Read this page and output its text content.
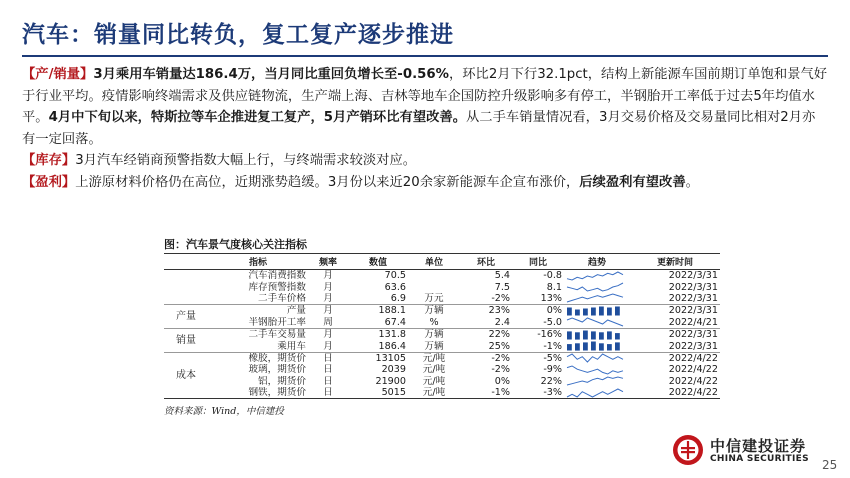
汽车：销量同比转负，复工复产逐步推进

【产/销量】3月乘用车销量达186.4万，当月同比重回负增长至-0.56%，环比2月下行32.1pct，结构上新能源车国前期订单饱和景气好于行业平均。疫情影响终端需求及供应链物流，生产端上海、吉林等地车企国防控升级影响多有停工，半钢胎开工率低于过去5年均值水平。4月中下旬以来，特斯拉等车企推进复工复产，5月产销环比有望改善。从二手车销量情况看，3月交易价格及交易量同比相对2月亦有一定回落。

【库存】3月汽车经销商预警指数大幅上行，与终端需求较淡对应。

【盈利】上游原材料价格仍在高位，近期涨势趋缓。3月份以来近20余家新能源车企宣布涨价，后续盈利有望改善。

图：汽车景气度核心关注指标
	指标	频率	数值	单位	环比	同比	趋势	更新时间
	汽车消费指数	月	70.5		5.4	-0.8		2022/3/31
	库存预警指数	月	63.6		7.5	8.1		2022/3/31
	二手车价格	月	6.9	万元	-2%	13%		2022/3/31
产量	产量	月	188.1	万辆	23%	0%		2022/3/31
	半钢胎开工率	周	67.4	%	2.4	-5.0		2022/4/21
销量	二手车交易量	月	131.8	万辆	22%	-16%		2022/3/31
	乘用车	月	186.4	万辆	25%	-1%		2022/3/31
成本	橡胶，期货价	日	13105	元/吨	-2%	-5%		2022/4/22
	玻璃，期货价	日	2039	元/吨	-2%	-9%		2022/4/22
	铝，期货价	日	21900	元/吨	0%	22%		2022/4/22
	钢铁，期货价	日	5015	元/吨	-1%	-3%		2022/4/22
资料来源：Wind，中信建投
中信建投证券
CHINA SECURITIES 25
